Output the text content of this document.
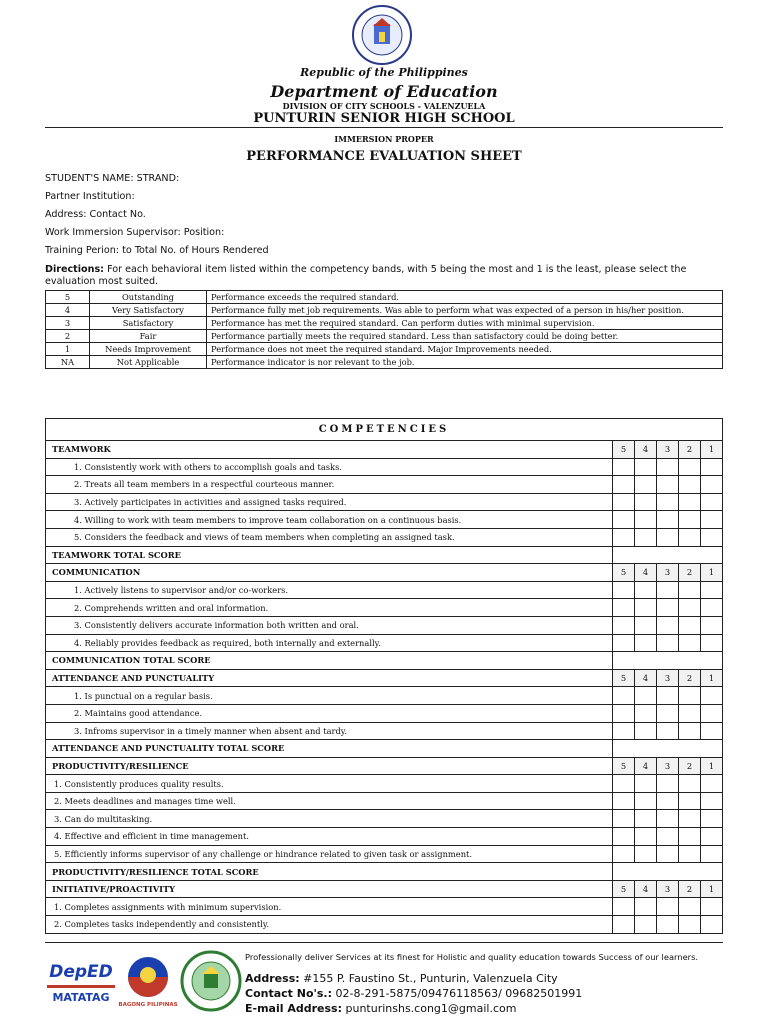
Republic of the Philippines
Department of Education
DIVISION OF CITY SCHOOLS - VALENZUELA
PUNTURIN SENIOR HIGH SCHOOL
IMMERSION PROPER
PERFORMANCE EVALUATION SHEET
STUDENT'S NAME: STRAND:
Partner Institution:
Address: Contact No.
Work Immersion Supervisor: Position:
Training Perion: to Total No. of Hours Rendered
Directions: For each behavioral item listed within the competency bands, with 5 being the most and 1 is the least, please select the evaluation most suited.
5	Outstanding	Performance exceeds the required standard.
4	Very Satisfactory	Performance fully met job requirements. Was able to perform what was expected of a person in his/her position.
3	Satisfactory	Performance has met the required standard. Can perform duties with minimal supervision.
2	Fair	Performance partially meets the required standard. Less than satisfactory could be doing better.
1	Needs Improvement	Performance does not meet the required standard. Major Improvements needed.
NA	Not Applicable	Performance indicator is nor relevant to the job.
COMPETENCIES					
TEAMWORK	5	4	3	2	1
1. Consistently work with others to accomplish goals and tasks.					
2. Treats all team members in a respectful courteous manner.					
3. Actively participates in activities and assigned tasks required.					
4. Willing to work with team members to improve team collaboration on a continuous basis.					
5. Considers the feedback and views of team members when completing an assigned task.					
TEAMWORK TOTAL SCORE					
COMMUNICATION	5	4	3	2	1
1. Actively listens to supervisor and/or co-workers.					
2. Comprehends written and oral information.					
3. Consistently delivers accurate information both written and oral.					
4. Reliably provides feedback as required, both internally and externally.					
COMMUNICATION TOTAL SCORE					
ATTENDANCE AND PUNCTUALITY	5	4	3	2	1
1. Is punctual on a regular basis.					
2. Maintains good attendance.					
3. Infroms supervisor in a timely manner when absent and tardy.					
ATTENDANCE AND PUNCTUALITY TOTAL SCORE					
PRODUCTIVITY/RESILIENCE	5	4	3	2	1
1. Consistently produces quality results.					
2. Meets deadlines and manages time well.					
3. Can do multitasking.					
4. Effective and efficient in time management.					
5. Efficiently informs supervisor of any challenge or hindrance related to given task or assignment.					
PRODUCTIVITY/RESILIENCE TOTAL SCORE					
INITIATIVE/PROACTIVITY	5	4	3	2	1
1. Completes assignments with minimum supervision.					
2. Completes tasks independently and consistently.					
DepED
MATATAG
BAGONG PILIPINAS
Professionally deliver Services at its finest for Holistic and quality education towards Success of our learners.
Address: #155 P. Faustino St., Punturin, Valenzuela City
Contact No's.: 02-8-291-5875/09476118563/ 09682501991
E-mail Address: punturinshs.cong1@gmail.com
